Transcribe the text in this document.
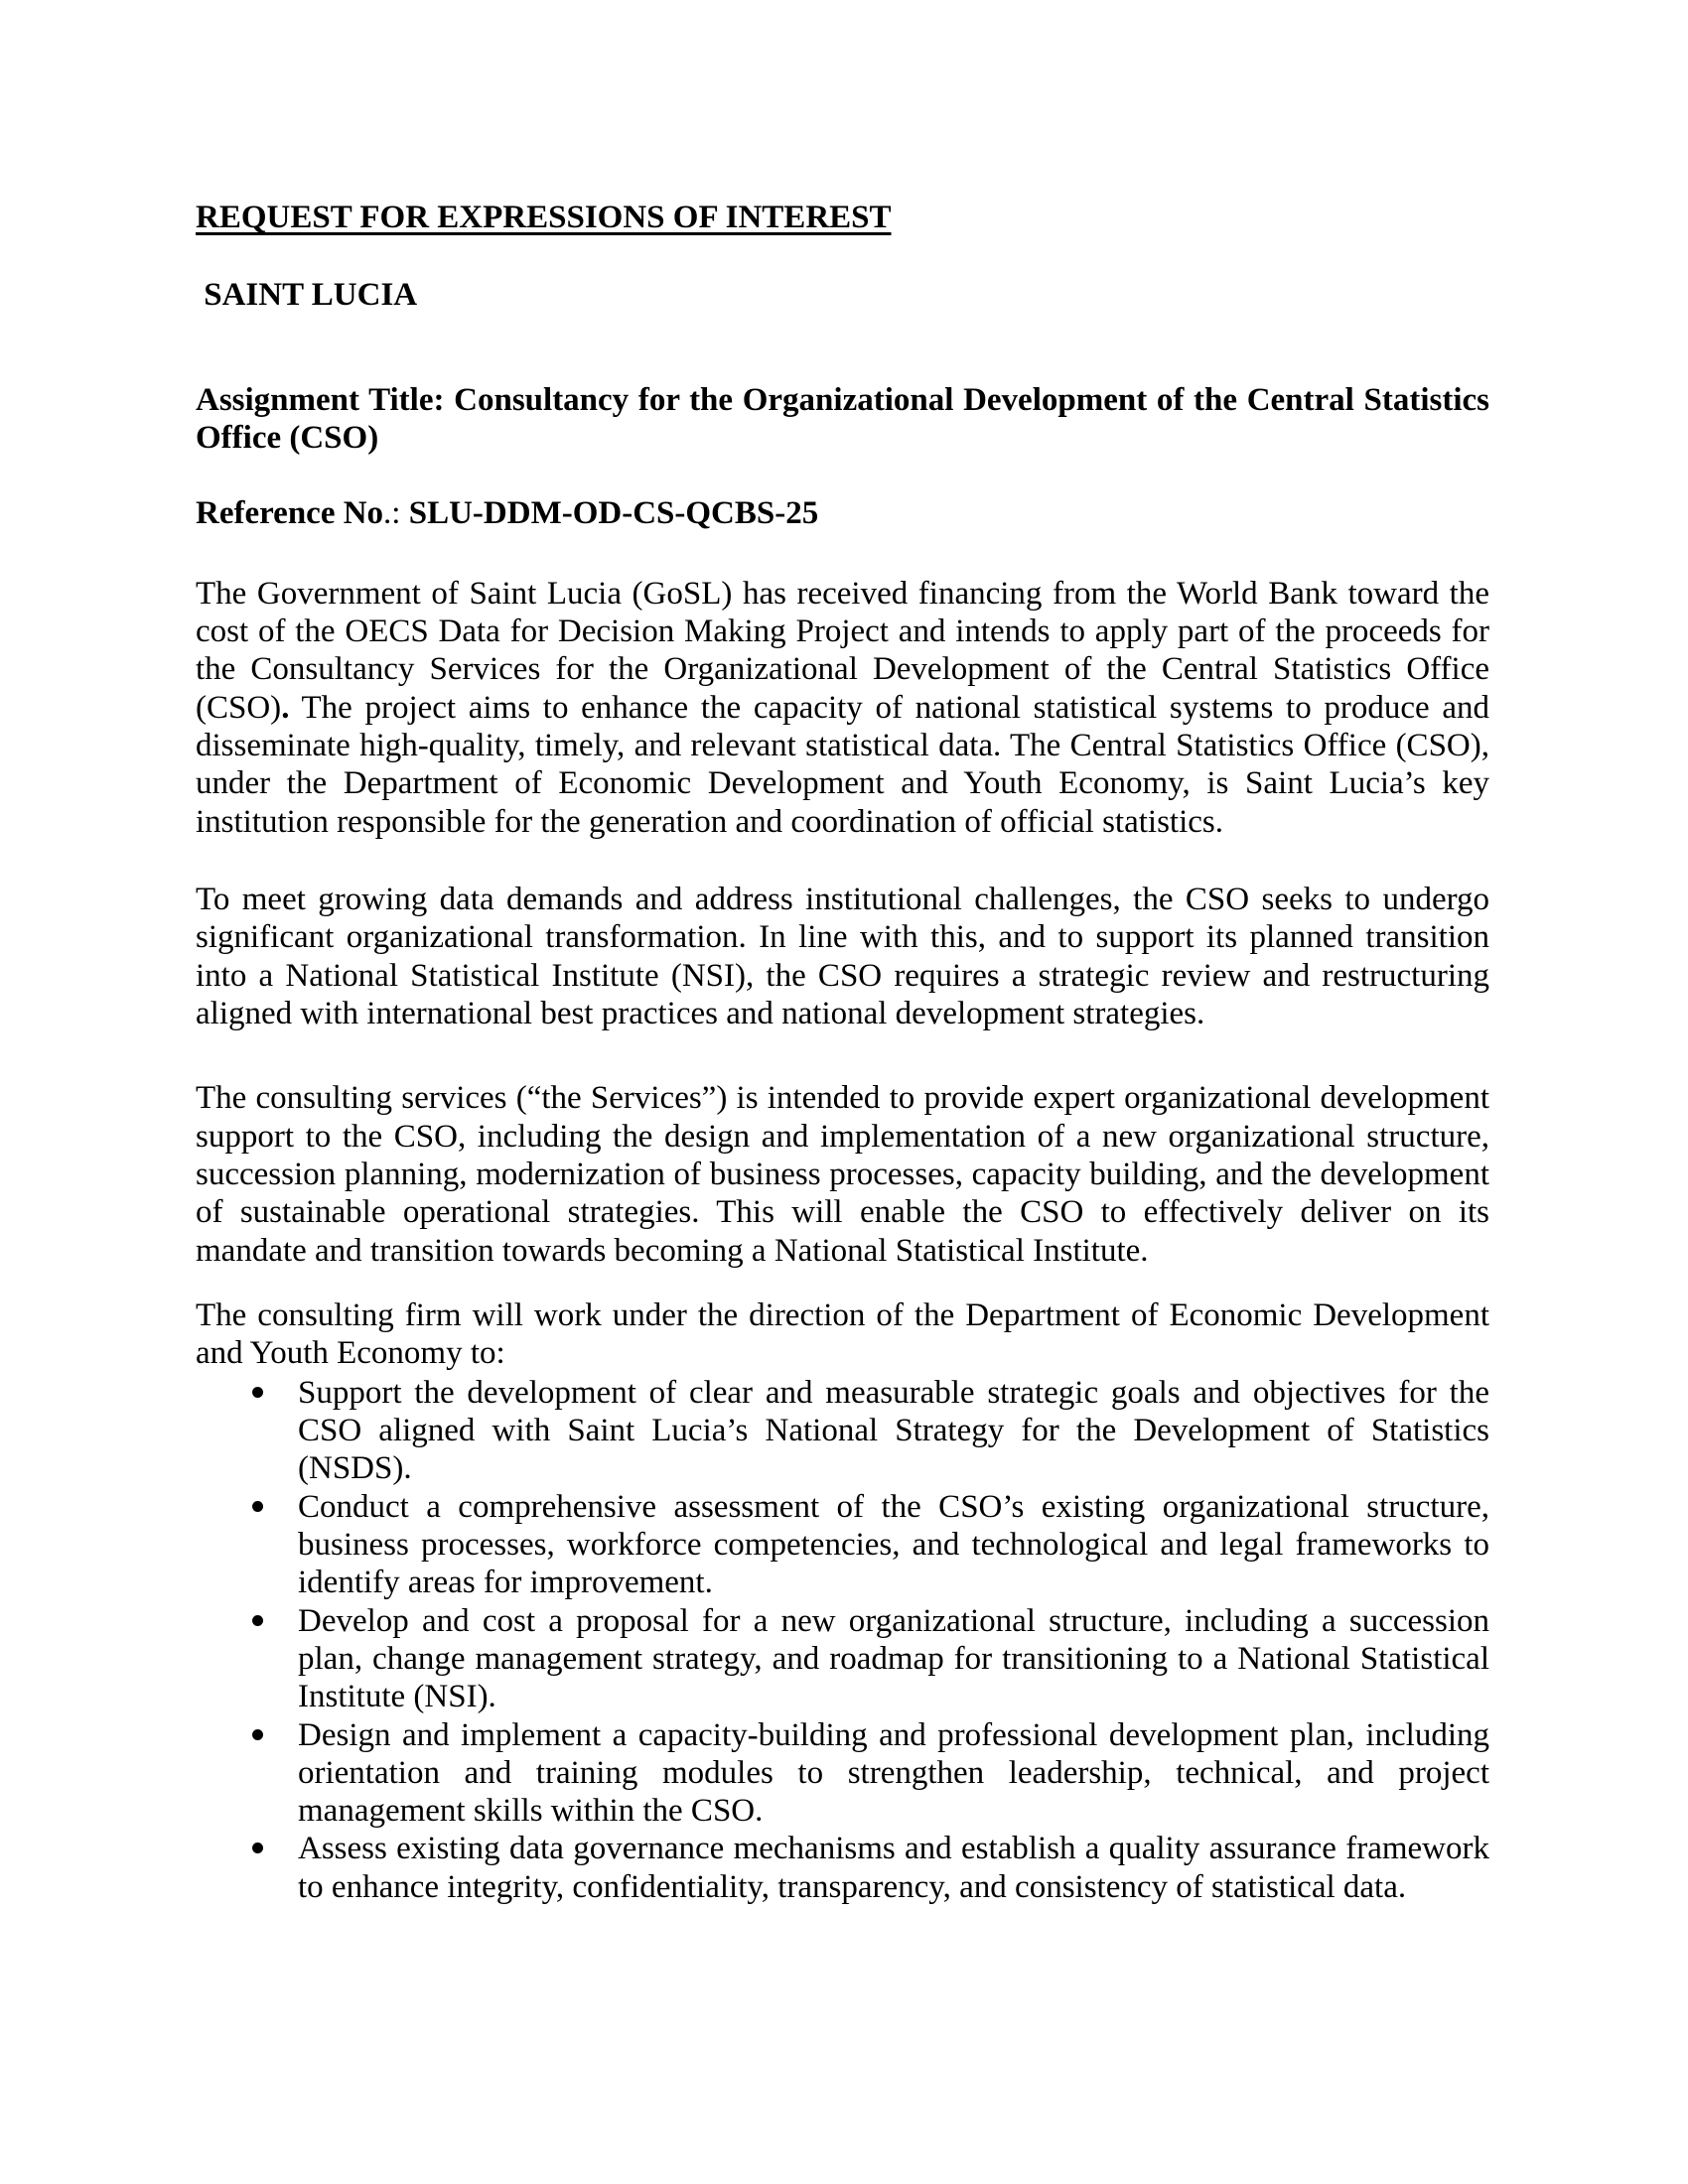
REQUEST FOR EXPRESSIONS OF INTEREST

SAINT LUCIA

Assignment Title: Consultancy for the Organizational Development of the Central Statistics Office (CSO)

Reference No.: SLU-DDM-OD-CS-QCBS-25

The Government of Saint Lucia (GoSL) has received financing from the World Bank toward the cost of the OECS Data for Decision Making Project and intends to apply part of the proceeds for the Consultancy Services for the Organizational Development of the Central Statistics Office (CSO). The project aims to enhance the capacity of national statistical systems to produce and disseminate high-quality, timely, and relevant statistical data. The Central Statistics Office (CSO), under the Department of Economic Development and Youth Economy, is Saint Lucia’s key institution responsible for the generation and coordination of official statistics.

To meet growing data demands and address institutional challenges, the CSO seeks to undergo significant organizational transformation. In line with this, and to support its planned transition into a National Statistical Institute (NSI), the CSO requires a strategic review and restructuring aligned with international best practices and national development strategies.

The consulting services (“the Services”) is intended to provide expert organizational development support to the CSO, including the design and implementation of a new organizational structure, succession planning, modernization of business processes, capacity building, and the development of sustainable operational strategies. This will enable the CSO to effectively deliver on its mandate and transition towards becoming a National Statistical Institute.

The consulting firm will work under the direction of the Department of Economic Development and Youth Economy to:

Support the development of clear and measurable strategic goals and objectives for the CSO aligned with Saint Lucia’s National Strategy for the Development of Statistics (NSDS).
Conduct a comprehensive assessment of the CSO’s existing organizational structure, business processes, workforce competencies, and technological and legal frameworks to identify areas for improvement.
Develop and cost a proposal for a new organizational structure, including a succession plan, change management strategy, and roadmap for transitioning to a National Statistical Institute (NSI).
Design and implement a capacity-building and professional development plan, including orientation and training modules to strengthen leadership, technical, and project management skills within the CSO.
Assess existing data governance mechanisms and establish a quality assurance framework to enhance integrity, confidentiality, transparency, and consistency of statistical data.
